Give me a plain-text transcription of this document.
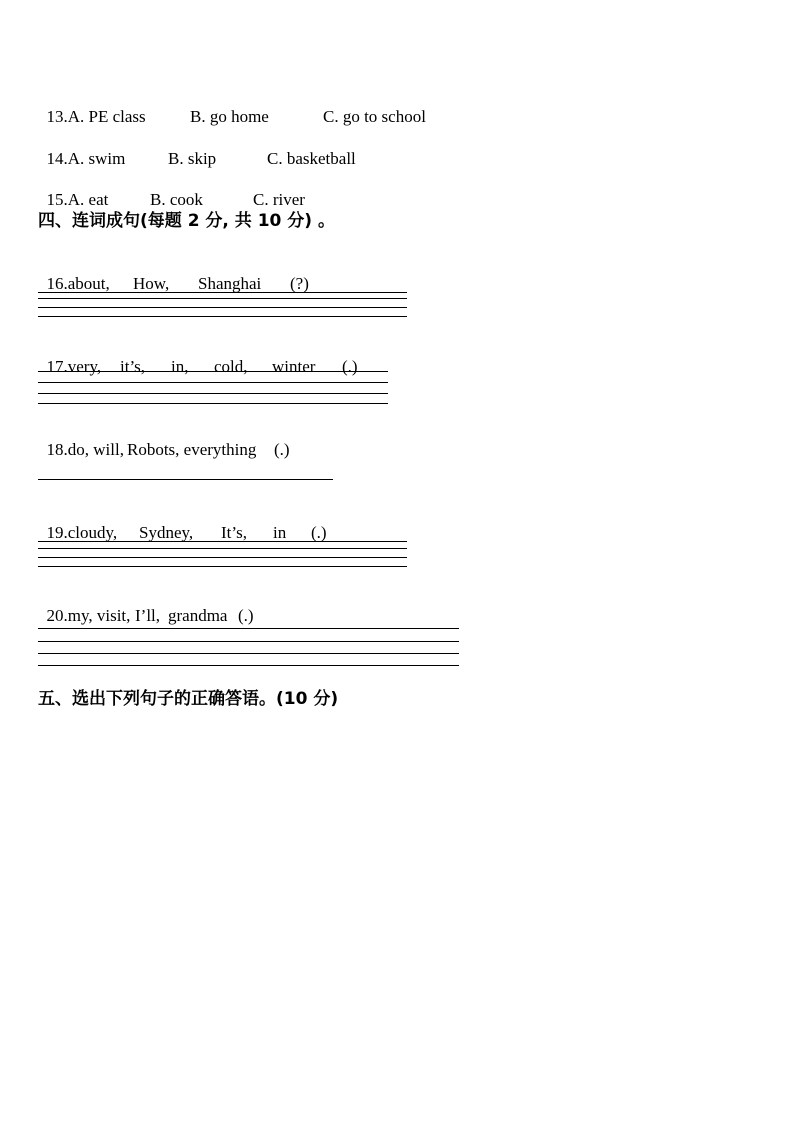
13.A. PE class	B. go home	C. go to school

14.A. swim	B. skip	C. basketball

15.A. eat B. cook	C. river

四、连词成句(每题 2 分, 共 10 分) 。

16.about, How, Shanghai (?)

17.very, it’s, in, cold, winter (.)

18.do, will, Robots, everything (.)

19.cloudy, Sydney, It’s, in (.)

20.my, visit, I’ll, grandma (.)

五、选出下列句子的正确答语。(10 分)
